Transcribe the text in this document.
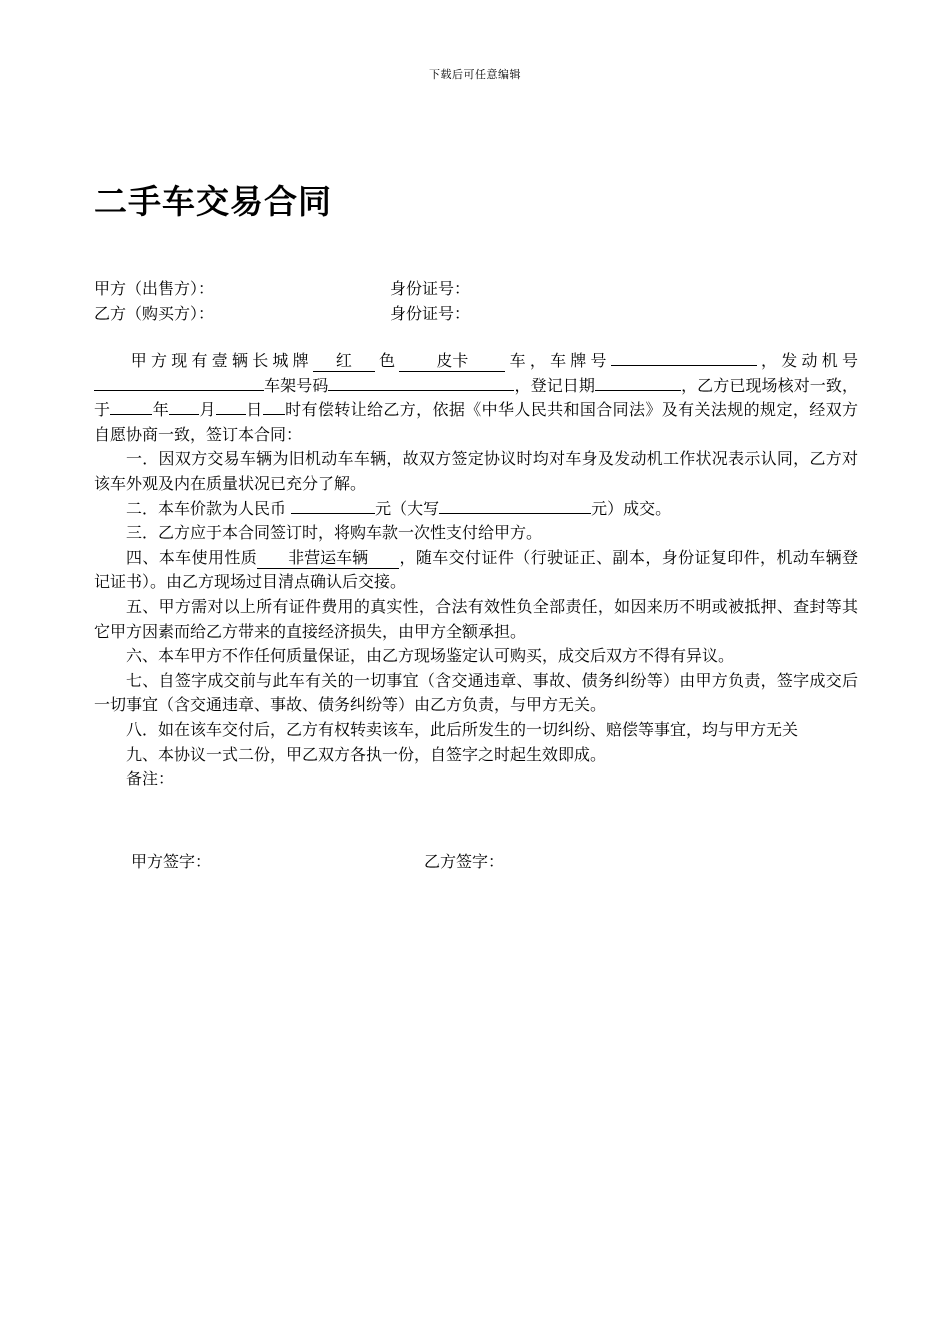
下载后可任意编辑
二手车交易合同
甲方（出售方）：	身份证号：
乙方（购买方）：	身份证号：

甲方现有壹辆长城牌 红 色 皮卡 车，车牌号	，发动机号车架号码	，登记日期	，乙方已现场核对一致，于	年 月 日 时有偿转让给乙方，依据《中华人民共和国合同法》及有关法规的规定，经双方自愿协商一致，签订本合同：

一．因双方交易车辆为旧机动车车辆，故双方签定协议时均对车身及发动机工作状况表示认同，乙方对该车外观及内在质量状况已充分了解。

二．本车价款为人民币	元（大写	元）成交。

三．乙方应于本合同签订时，将购车款一次性支付给甲方。

四、本车使用性质 非营运车辆 ，随车交付证件（行驶证正、副本，身份证复印件，机动车辆登记证书）。由乙方现场过目清点确认后交接。

五、甲方需对以上所有证件费用的真实性，合法有效性负全部责任，如因来历不明或被抵押、查封等其它甲方因素而给乙方带来的直接经济损失，由甲方全额承担。

六、本车甲方不作任何质量保证，由乙方现场鉴定认可购买，成交后双方不得有异议。

七、自签字成交前与此车有关的一切事宜（含交通违章、事故、债务纠纷等）由甲方负责，签字成交后一切事宜（含交通违章、事故、债务纠纷等）由乙方负责，与甲方无关。

八．如在该车交付后，乙方有权转卖该车，此后所发生的一切纠纷、赔偿等事宜，均与甲方无关

九、本协议一式二份，甲乙双方各执一份，自签字之时起生效即成。

备注：

甲方签字：	乙方签字：
